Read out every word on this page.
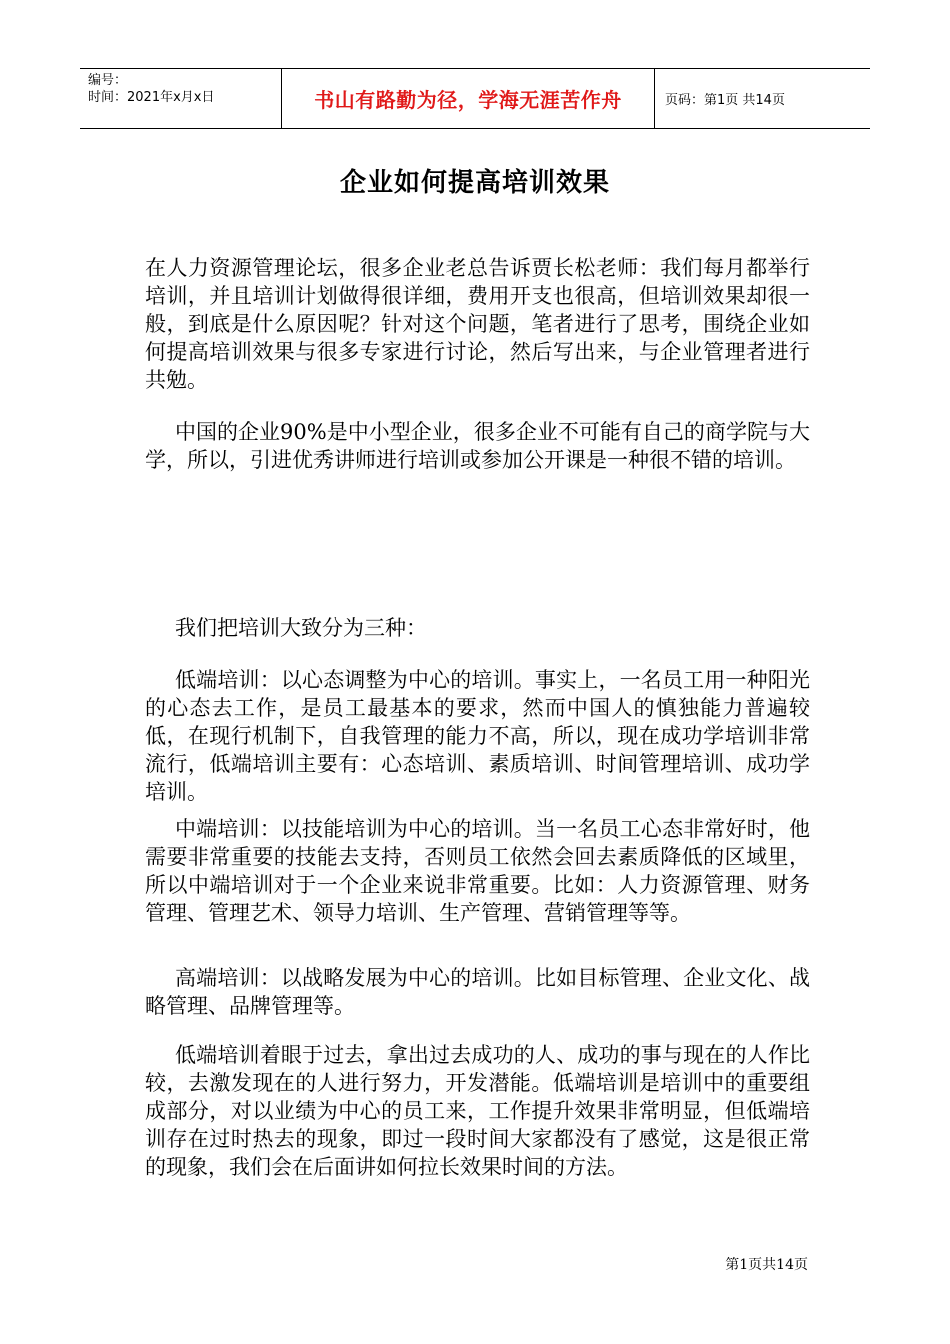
编号：
时间：2021年x月x日	书山有路勤为径，学海无涯苦作舟	页码：第1页 共14页
企业如何提高培训效果

在人力资源管理论坛，很多企业老总告诉贾长松老师：我们每月都举行培训，并且培训计划做得很详细，费用开支也很高，但培训效果却很一般，到底是什么原因呢？针对这个问题，笔者进行了思考，围绕企业如何提高培训效果与很多专家进行讨论，然后写出来，与企业管理者进行共勉。

中国的企业90%是中小型企业，很多企业不可能有自己的商学院与大学，所以，引进优秀讲师进行培训或参加公开课是一种很不错的培训。

我们把培训大致分为三种：

低端培训：以心态调整为中心的培训。事实上，一名员工用一种阳光的心态去工作，是员工最基本的要求，然而中国人的慎独能力普遍较低，在现行机制下，自我管理的能力不高，所以，现在成功学培训非常流行，低端培训主要有：心态培训、素质培训、时间管理培训、成功学培训。

中端培训：以技能培训为中心的培训。当一名员工心态非常好时，他需要非常重要的技能去支持，否则员工依然会回去素质降低的区域里，所以中端培训对于一个企业来说非常重要。比如：人力资源管理、财务管理、管理艺术、领导力培训、生产管理、营销管理等等。

高端培训：以战略发展为中心的培训。比如目标管理、企业文化、战略管理、品牌管理等。

低端培训着眼于过去，拿出过去成功的人、成功的事与现在的人作比较，去激发现在的人进行努力，开发潜能。低端培训是培训中的重要组成部分，对以业绩为中心的员工来，工作提升效果非常明显，但低端培训存在过时热去的现象，即过一段时间大家都没有了感觉，这是很正常的现象，我们会在后面讲如何拉长效果时间的方法。

第1页共14页
